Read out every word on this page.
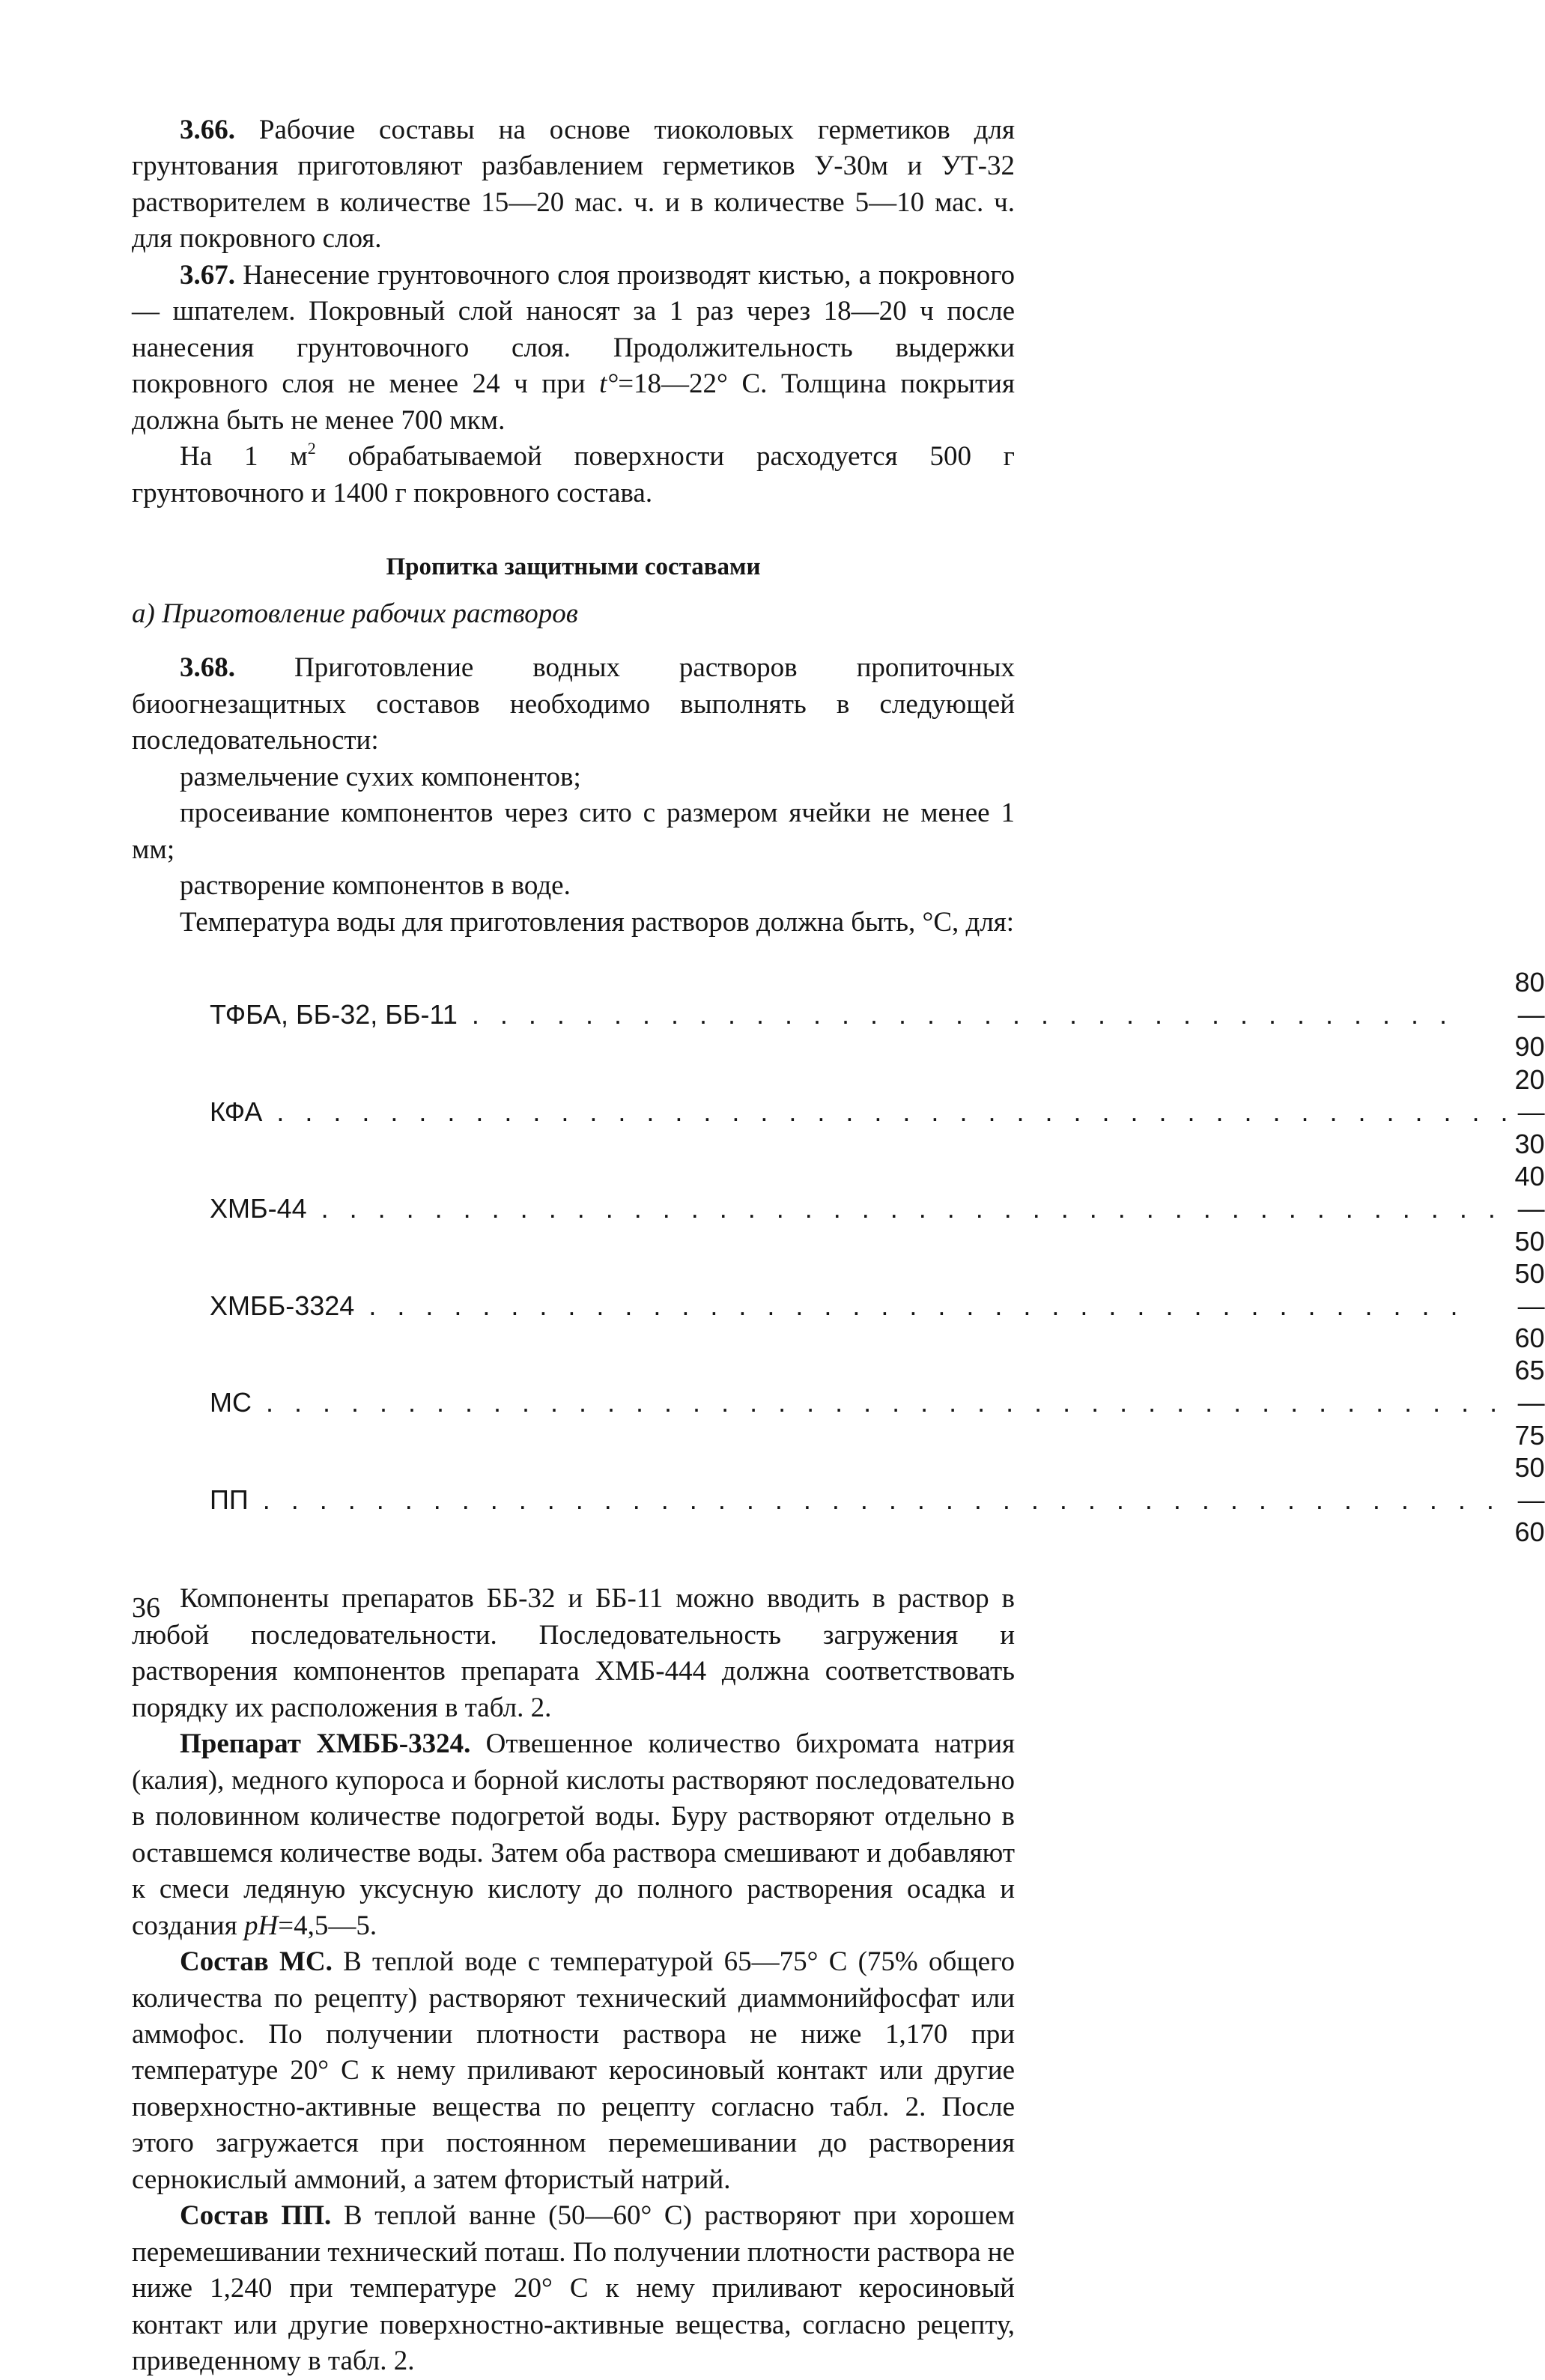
3.66. Рабочие составы на основе тиоколовых герметиков для грунтования приготовляют разбавлением герметиков У-30м и УТ-32 растворителем в количестве 15—20 мас. ч. и в количестве 5—10 мас. ч. для покровного слоя.

3.67. Нанесение грунтовочного слоя производят кистью, а покровного — шпателем. Покровный слой наносят за 1 раз через 18—20 ч после нанесения грунтовочного слоя. Продолжительность выдержки покровного слоя не менее 24 ч при t°=18—22° С. Толщина покрытия должна быть не менее 700 мкм.

На 1 $м^2$ обрабатываемой поверхности расходуется 500 г грунтовочного и 1400 г покровного состава.

Пропитка защитными составами
а) Приготовление рабочих растворов

3.68. Приготовление водных растворов пропиточных биоогнезащитных составов необходимо выполнять в следующей последовательности:

размельчение сухих компонентов;

просеивание компонентов через сито с размером ячейки не менее 1 мм;

растворение компонентов в воде.

Температура воды для приготовления растворов должна быть, °С, для:

ТФБА, ББ-32, ББ-11 . . . . . . . . . . . . . . . . . . . . . . . . . . . . . . . . . . .	80—90
КФА . . . . . . . . . . . . . . . . . . . . . . . . . . . . . . . . . . . . . . . . . . . .	20—30
ХМБ-44 . . . . . . . . . . . . . . . . . . . . . . . . . . . . . . . . . . . . . . . . . .	40—50
ХМББ-3324 . . . . . . . . . . . . . . . . . . . . . . . . . . . . . . . . . . . . . . .	50—60
МС . . . . . . . . . . . . . . . . . . . . . . . . . . . . . . . . . . . . . . . . . . . .	65—75
ПП . . . . . . . . . . . . . . . . . . . . . . . . . . . . . . . . . . . . . . . . . . . .	50—60

Компоненты препаратов ББ-32 и ББ-11 можно вводить в раствор в любой последовательности. Последовательность загружения и растворения компонентов препарата ХМБ-444 должна соответствовать порядку их расположения в табл. 2.

Препарат ХМББ-3324. Отвешенное количество бихромата натрия (калия), медного купороса и борной кислоты растворяют последовательно в половинном количестве подогретой воды. Буру растворяют отдельно в оставшемся количестве воды. Затем оба раствора смешивают и добавляют к смеси ледяную уксусную кислоту до полного растворения осадка и создания рН=4,5—5.

Состав МС. В теплой воде с температурой 65—75° С (75% общего количества по рецепту) растворяют технический диаммонийфосфат или аммофос. По получении плотности раствора не ниже 1,170 при температуре 20° С к нему приливают керосиновый контакт или другие поверхностно-активные вещества по рецепту согласно табл. 2. После этого загружается при постоянном перемешивании до растворения сернокислый аммоний, а затем фтористый натрий.

Состав ПП. В теплой ванне (50—60° С) растворяют при хорошем перемешивании технический поташ. По получении плотности раствора не ниже 1,240 при температуре 20° С к нему приливают керосиновый контакт или другие поверхностно-активные вещества, согласно рецепту, приведенному в табл. 2.

36
